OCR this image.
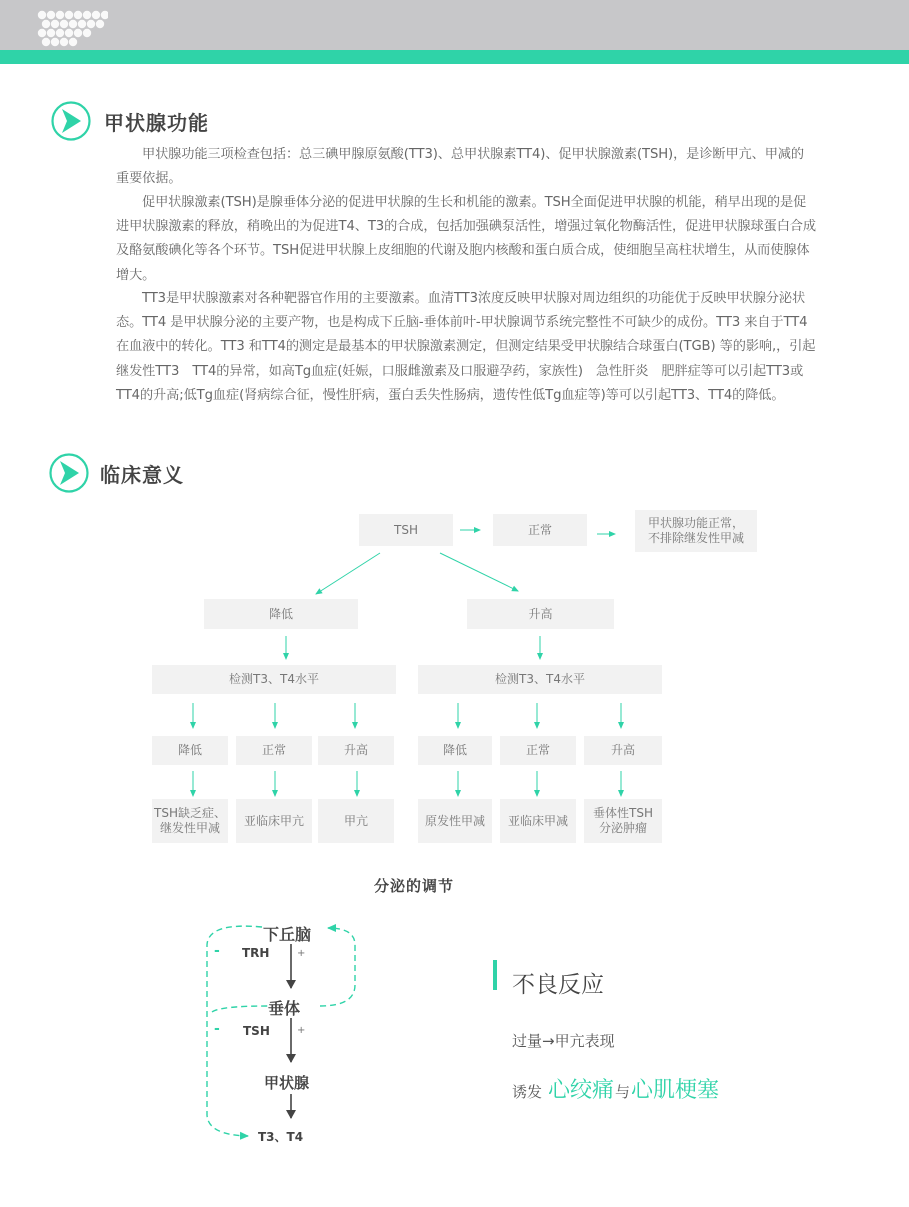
甲状腺功能

甲状腺功能三项检查包括：总三碘甲腺原氨酸(TT3)、总甲状腺素TT4)、促甲状腺激素(TSH)，是诊断甲亢、甲减的重要依据。

促甲状腺激素(TSH)是腺垂体分泌的促进甲状腺的生长和机能的激素。TSH全面促进甲状腺的机能，稍早出现的是促进甲状腺激素的释放，稍晚出的为促进T4、T3的合成，包括加强碘泵活性，增强过氧化物酶活性，促进甲状腺球蛋白合成及酪氨酸碘化等各个环节。TSH促进甲状腺上皮细胞的代谢及胞内核酸和蛋白质合成，使细胞呈高柱状增生，从而使腺体增大。

TT3是甲状腺激素对各种靶器官作用的主要激素。血清TT3浓度反映甲状腺对周边组织的功能优于反映甲状腺分泌状态。TT4 是甲状腺分泌的主要产物，也是构成下丘脑-垂体前叶-甲状腺调节系统完整性不可缺少的成份。TT3 来自于TT4在血液中的转化。TT3 和TT4的测定是最基本的甲状腺激素测定，但测定结果受甲状腺结合球蛋白(TGB) 等的影响,，引起继发性TT3　TT4的异常，如高Tg血症(妊娠，口服雌激素及口服避孕药，家族性)　急性肝炎　肥胖症等可以引起TT3或TT4的升高;低Tg血症(肾病综合征，慢性肝病，蛋白丢失性肠病，遗传性低Tg血症等)等可以引起TT3、TT4的降低。

临床意义
TSH	正常	甲状腺功能正常，
不排除继发性甲减
降低	升高
检测T3、T4水平	检测T3、T4水平
降低	正常	升高	降低	正常	升高
TSH缺乏症、
继发性甲减
亚临床甲亢	甲亢	原发性甲减	亚临床甲减
垂体性TSH
分泌肿瘤
分泌的调节
下丘脑
- TRH	+
垂体
- TSH	+
甲状腺
T3、T4
不良反应
过量→甲亢表现
诱发 心绞痛 与 心肌梗塞
